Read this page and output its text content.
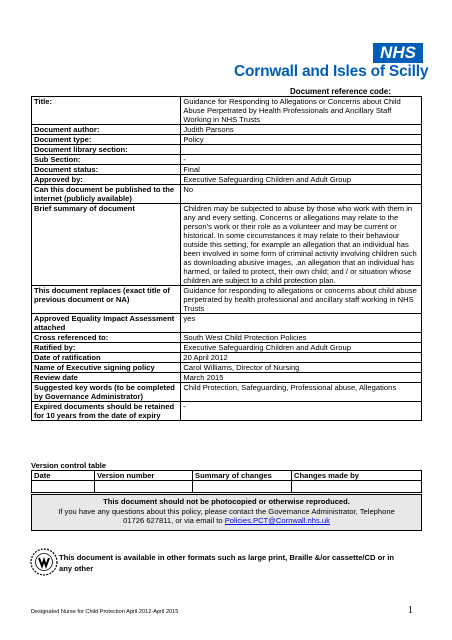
NHS
Cornwall and Isles of Scilly
Document reference code:
Title:	Guidance for Responding to Allegations or Concerns about Child Abuse Perpetrated by Health Professionals and Ancillary Staff Working in NHS Trusts
Document author:	Judith Parsons
Document type:	Policy
Document library section:	
Sub Section:	-
Document status:	Final
Approved by:	Executive Safeguarding Children and Adult Group
Can this document be published to the internet (publicly available)	No
Brief summary of document	Children may be subjected to abuse by those who work with them in any and every setting. Concerns or allegations may relate to the person’s work or their role as a volunteer and may be current or historical. In some circumstances it may relate to their behaviour outside this setting, for example an allegation that an individual has been involved in some form of criminal activity involving children such as downloading abusive images, .an allegation that an individual has harmed, or failed to protect, their own child; and / or situation whose children are subject to a child protection plan.
This document replaces (exact title of previous document or NA)	Guidance for responding to allegations or concerns about child abuse perpetrated by health professional and ancillary staff working in NHS Trusts
Approved Equality Impact Assessment attached	yes
Cross referenced to:	South West Child Protection Policies
Ratified by:	Executive Safeguarding Children and Adult Group
Date of ratification	20 April 2012
Name of Executive signing policy	Carol Williams, Director of Nursing
Review date	March 2015
Suggested key words (to be completed by Governance Administrator)	Child Protection, Safeguarding, Professional abuse, Allegations
Expired documents should be retained for 10 years from the date of expiry	-
Version control table
Date	Version number	Summary of changes	Changes made by

This document should not be photocopied or otherwise reproduced.
If you have any questions about this policy, please contact the Governance Administrator, Telephone
01726 627811, or via email to Policies.PCT@Cornwall.nhs.uk
This document is available in other formats such as large print, Braille &/or cassette/CD or in any other
Designated Nurse for Child Protection April 2012-April 2015	1
